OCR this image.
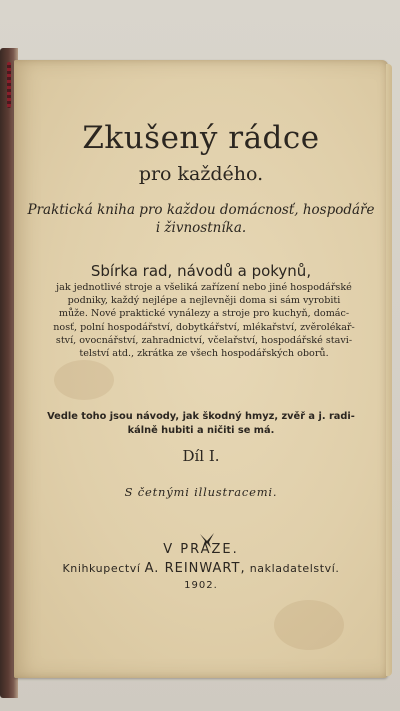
Zkušený rádce
pro každého.
Praktická kniha pro každou domácnosť, hospodáře
i živnostníka.
Sbírka rad, návodů a pokynů,
jak jednotlivé stroje a všeliká zařízení nebo jiné hospodářské
podniky, každý nejlépe a nejlevněji doma si sám vyrobiti
může. Nové praktické vynálezy a stroje pro kuchyň, domác-
nosť, polní hospodářství, dobytkářství, mlékařství, zvěrolékař-
ství, ovocnářství, zahradnictví, včelařství, hospodářské stavi-
telství atd., zkrátka ze všech hospodářských oborů.
Vedle toho jsou návody, jak škodný hmyz, zvěř a j. radi-
kálně hubiti a ničiti se má.
Díl I.
S četnými illustracemi.
V PRAZE.
Knihkupectví A. REINWART, nakladatelství.
1902.
